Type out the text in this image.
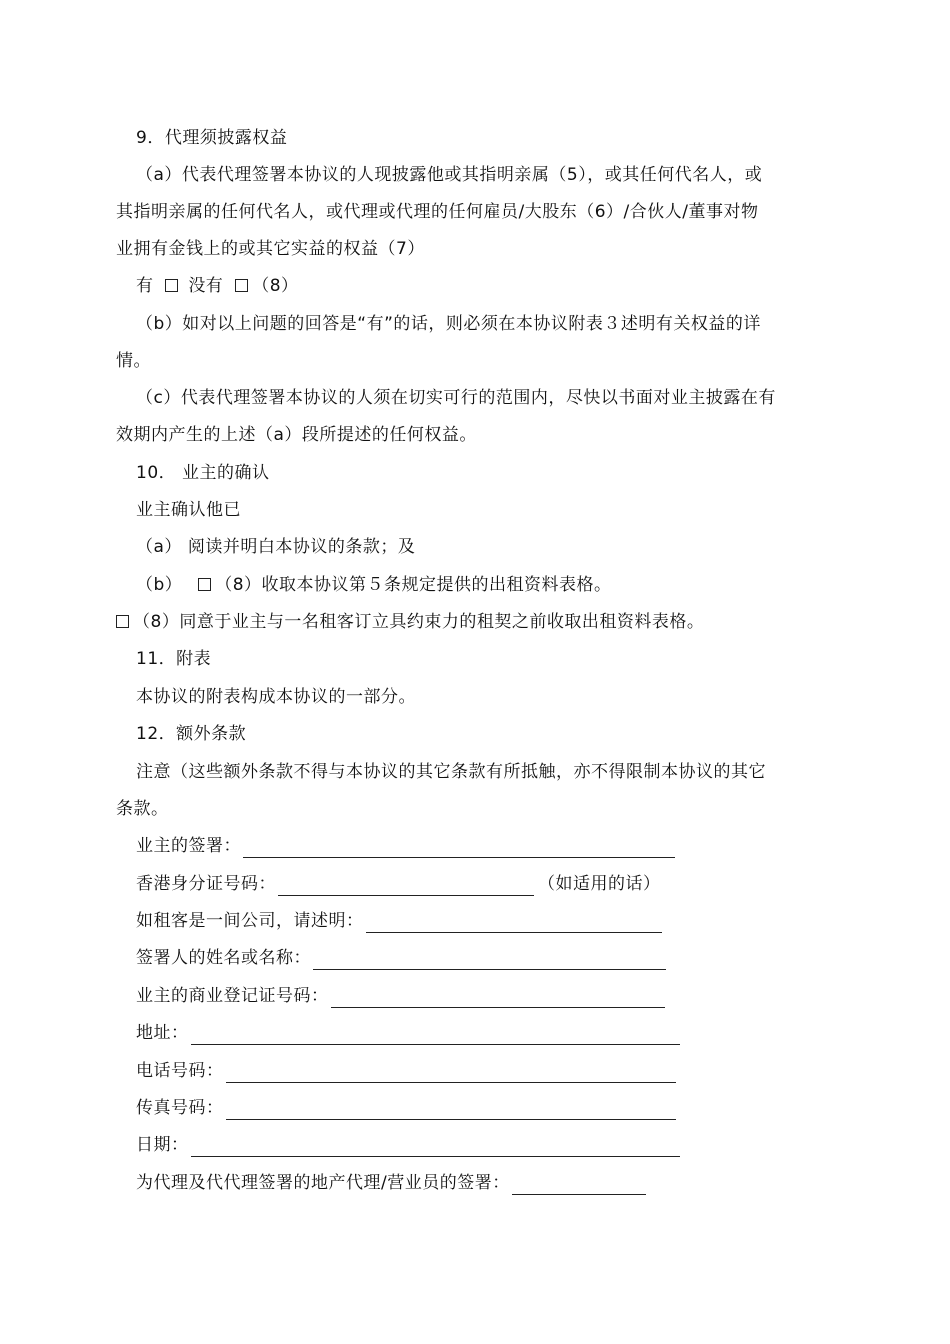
9．代理须披露权益
（a）代表代理签署本协议的人现披露他或其指明亲属（5），或其任何代名人，或
其指明亲属的任何代名人，或代理或代理的任何雇员/大股东（6）/合伙人/董事对物
业拥有金钱上的或其它实益的权益（7）
有 没有 （8）
（b）如对以上问题的回答是“有”的话，则必须在本协议附表３述明有关权益的详
情。
（c）代表代理签署本协议的人须在切实可行的范围内，尽快以书面对业主披露在有
效期内产生的上述（a）段所提述的任何权益。
10． 业主的确认
业主确认他已
（a） 阅读并明白本协议的条款；及
（b） （8）收取本协议第５条规定提供的出租资料表格。
（8）同意于业主与一名租客订立具约束力的租契之前收取出租资料表格。
11．附表
本协议的附表构成本协议的一部分。
12．额外条款
注意（这些额外条款不得与本协议的其它条款有所抵触，亦不得限制本协议的其它
条款。
业主的签署：
香港身分证号码：	（如适用的话）
如租客是一间公司，请述明：
签署人的姓名或名称：
业主的商业登记证号码：
地址：
电话号码：
传真号码：
日期：
为代理及代代理签署的地产代理/营业员的签署：
